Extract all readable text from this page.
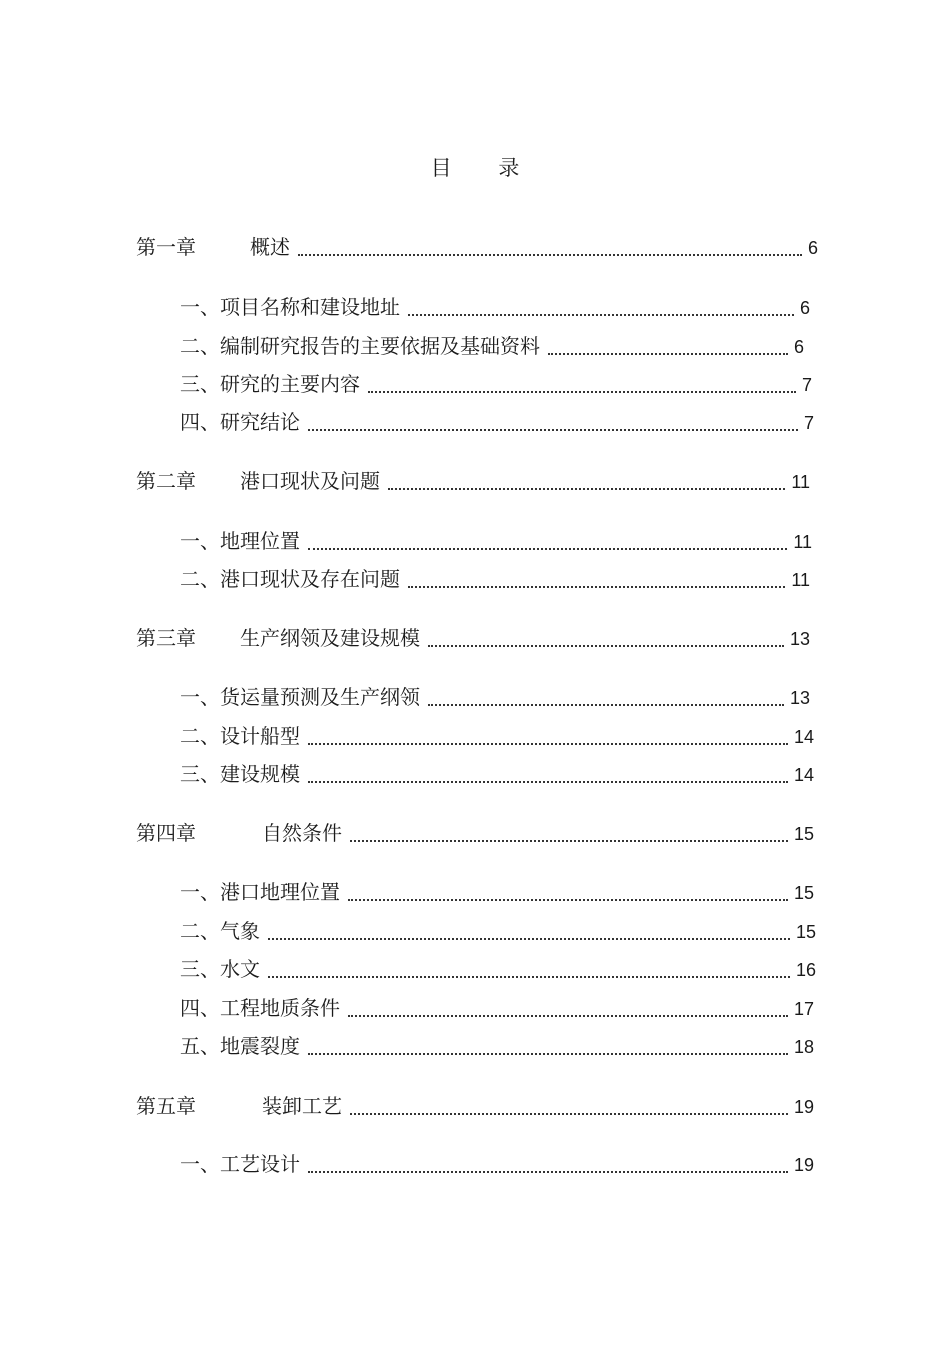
目 录
第一章	概述	6
一、 项目名称和建设地址	6
二、 编制研究报告的主要依据及基础资料	6
三、 研究的主要内容	7
四、 研究结论	7
第二章 港口现状及问题	11
一、 地理位置	11
二、 港口现状及存在问题	11
第三章 生产纲领及建设规模	13
一、 货运量预测及生产纲领	13
二、 设计船型	14
三、 建设规模	14
第四章	自然条件	15
一、 港口地理位置	15
二、 气象	15
三、 水文	16
四、 工程地质条件	17
五、 地震裂度	18
第五章	装卸工艺	19
一、 工艺设计	19
